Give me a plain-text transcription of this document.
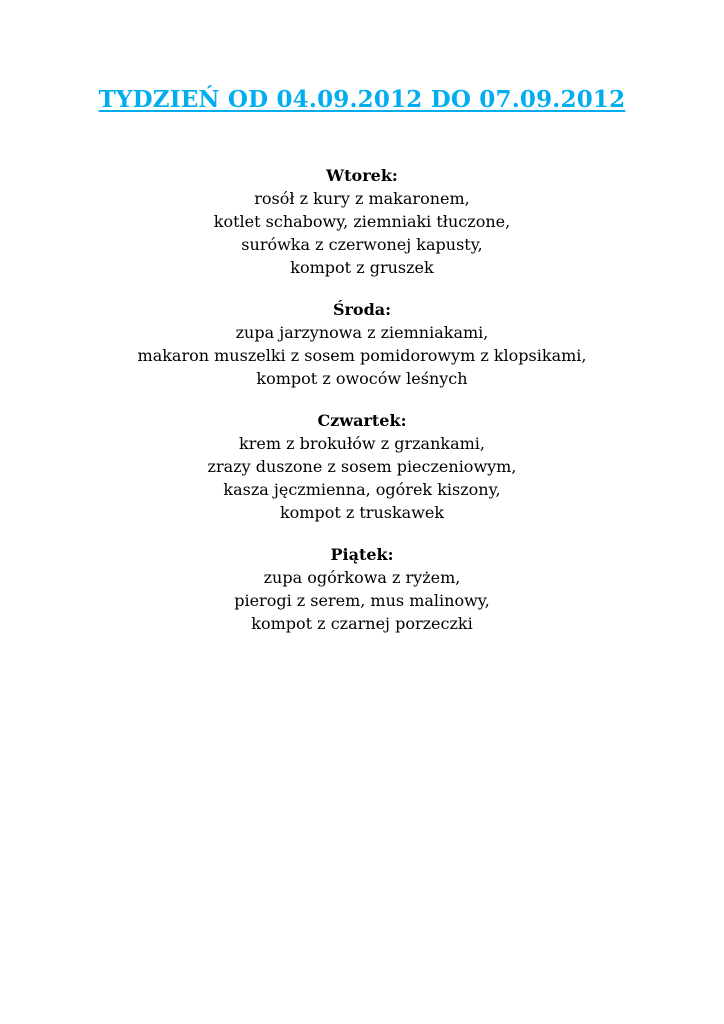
TYDZIEŃ OD 04.09.2012 DO 07.09.2012
Wtorek:
rosół z kury z makaronem,
kotlet schabowy, ziemniaki tłuczone,
surówka z czerwonej kapusty,
kompot z gruszek
Środa:
zupa jarzynowa z ziemniakami,
makaron muszelki z sosem pomidorowym z klopsikami,
kompot z owoców leśnych
Czwartek:
krem z brokułów z grzankami,
zrazy duszone z sosem pieczeniowym,
kasza jęczmienna, ogórek kiszony,
kompot z truskawek
Piątek:
zupa ogórkowa z ryżem,
pierogi z serem, mus malinowy,
kompot z czarnej porzeczki
